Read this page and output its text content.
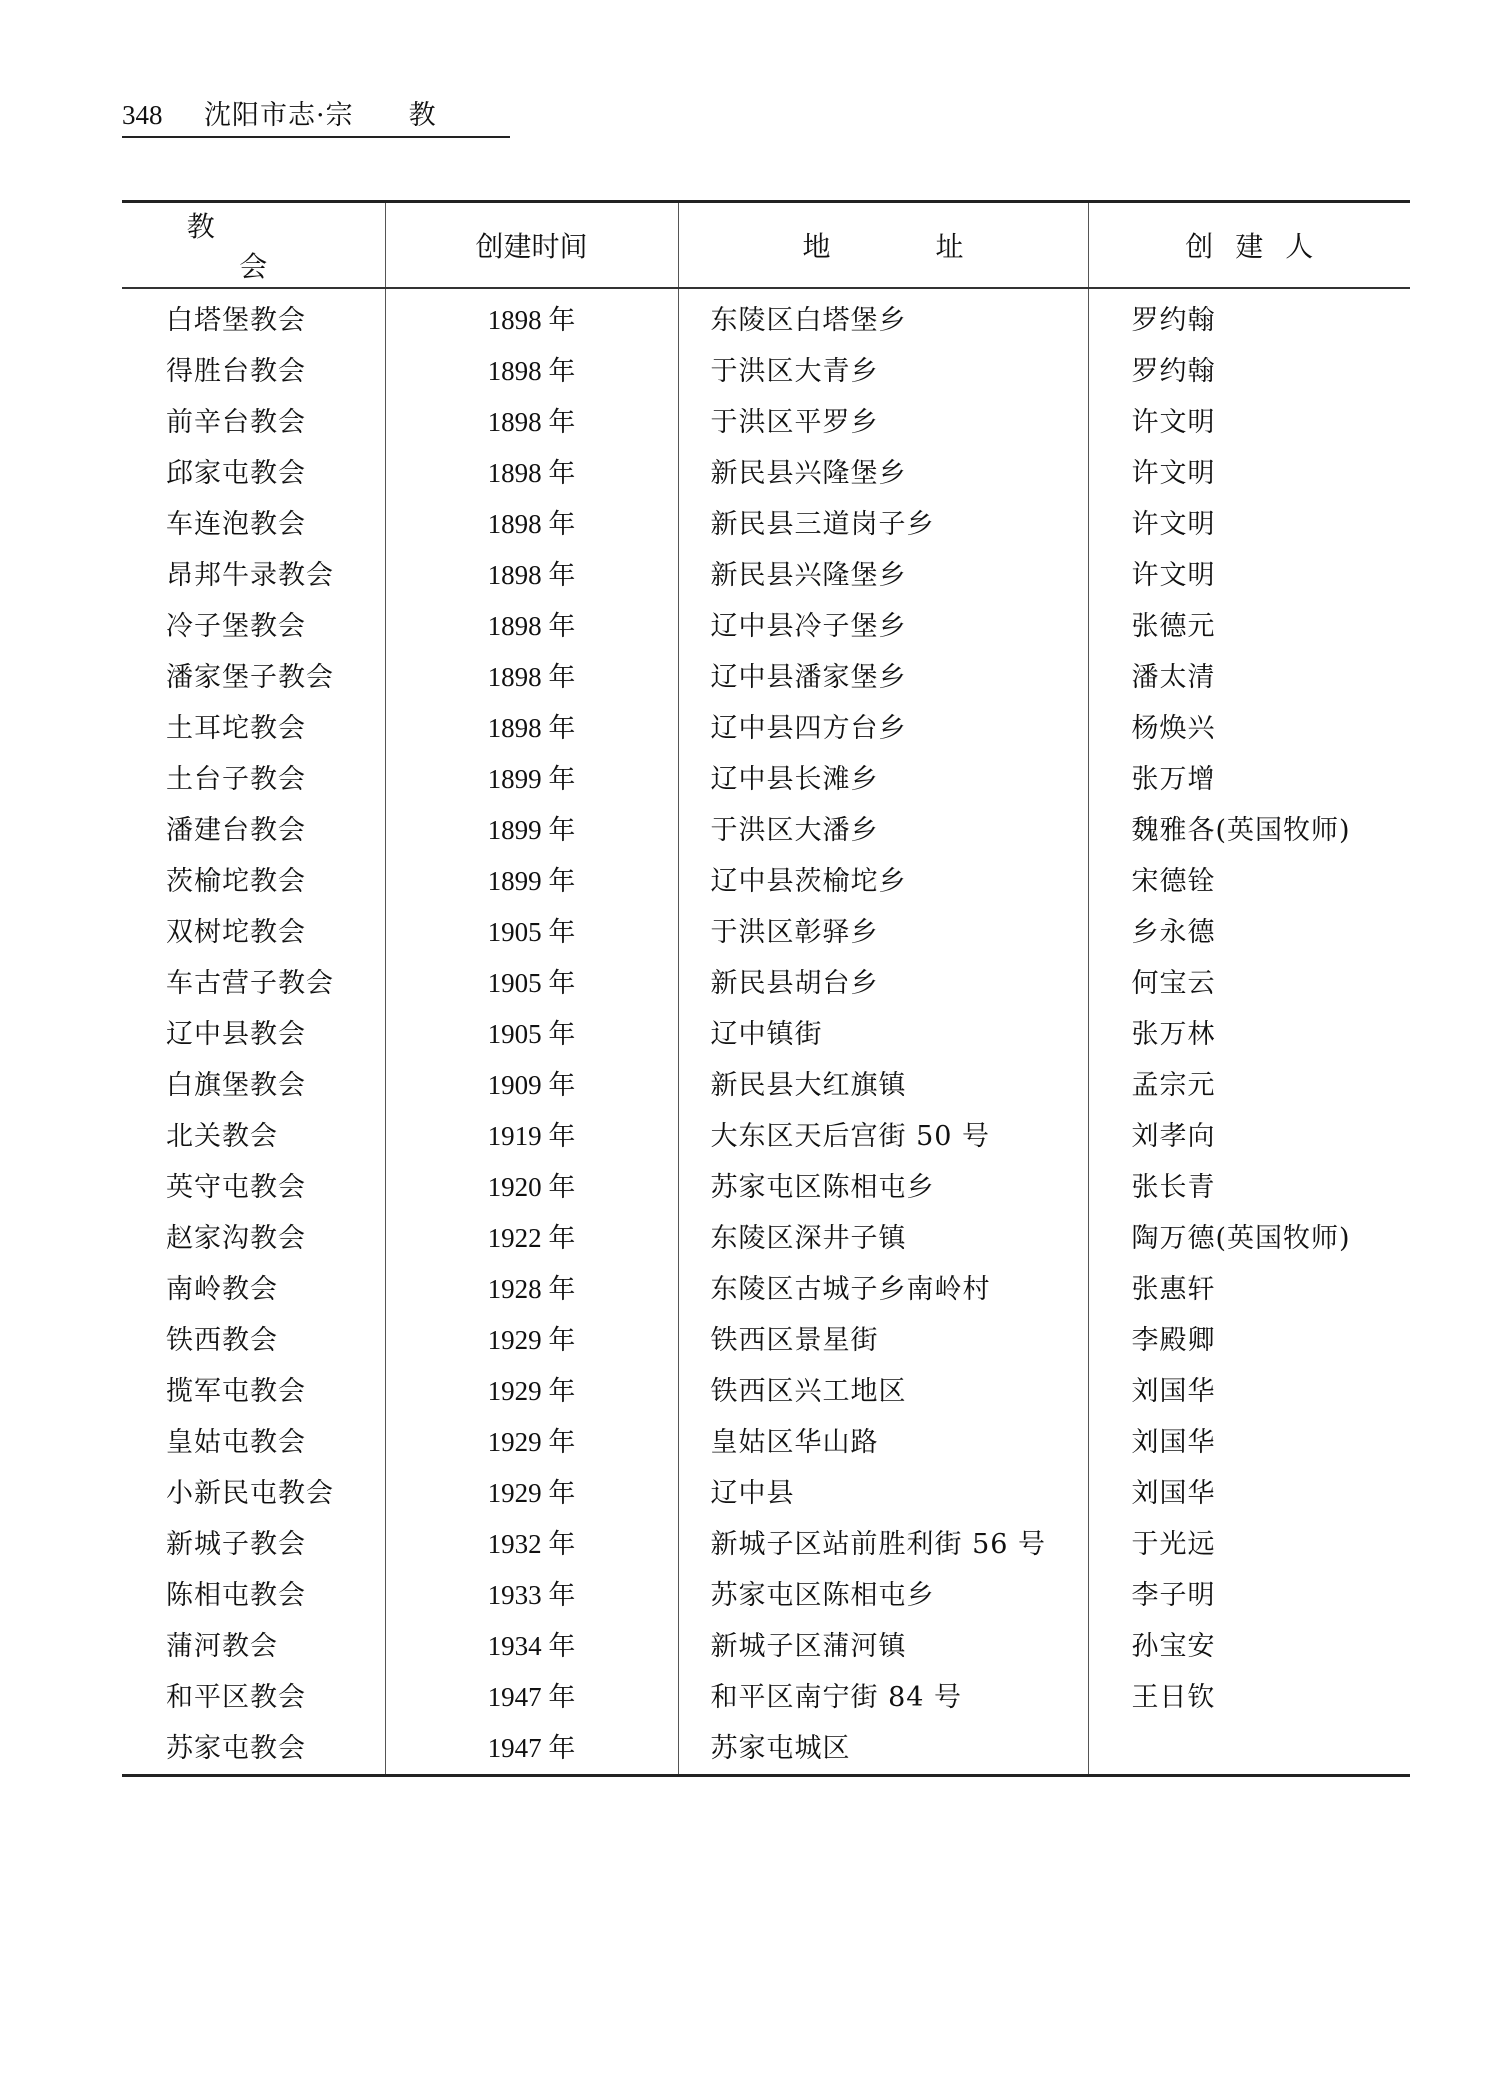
348 沈阳市志·宗 教
教会	创建时间	地址	创建人
白塔堡教会	1898 年	东陵区白塔堡乡	罗约翰
得胜台教会	1898 年	于洪区大青乡	罗约翰
前辛台教会	1898 年	于洪区平罗乡	许文明
邱家屯教会	1898 年	新民县兴隆堡乡	许文明
车连泡教会	1898 年	新民县三道岗子乡	许文明
昂邦牛录教会	1898 年	新民县兴隆堡乡	许文明
冷子堡教会	1898 年	辽中县冷子堡乡	张德元
潘家堡子教会	1898 年	辽中县潘家堡乡	潘太清
土耳坨教会	1898 年	辽中县四方台乡	杨焕兴
土台子教会	1899 年	辽中县长滩乡	张万增
潘建台教会	1899 年	于洪区大潘乡	魏雅各(英国牧师)
茨榆坨教会	1899 年	辽中县茨榆坨乡	宋德铨
双树坨教会	1905 年	于洪区彰驿乡	乡永德
车古营子教会	1905 年	新民县胡台乡	何宝云
辽中县教会	1905 年	辽中镇街	张万林
白旗堡教会	1909 年	新民县大红旗镇	孟宗元
北关教会	1919 年	大东区天后宫街 50 号	刘孝向
英守屯教会	1920 年	苏家屯区陈相屯乡	张长青
赵家沟教会	1922 年	东陵区深井子镇	陶万德(英国牧师)
南岭教会	1928 年	东陵区古城子乡南岭村	张惠轩
铁西教会	1929 年	铁西区景星街	李殿卿
揽军屯教会	1929 年	铁西区兴工地区	刘国华
皇姑屯教会	1929 年	皇姑区华山路	刘国华
小新民屯教会	1929 年	辽中县	刘国华
新城子教会	1932 年	新城子区站前胜利街 56 号	于光远
陈相屯教会	1933 年	苏家屯区陈相屯乡	李子明
蒲河教会	1934 年	新城子区蒲河镇	孙宝安
和平区教会	1947 年	和平区南宁街 84 号	王日钦
苏家屯教会	1947 年	苏家屯城区	
